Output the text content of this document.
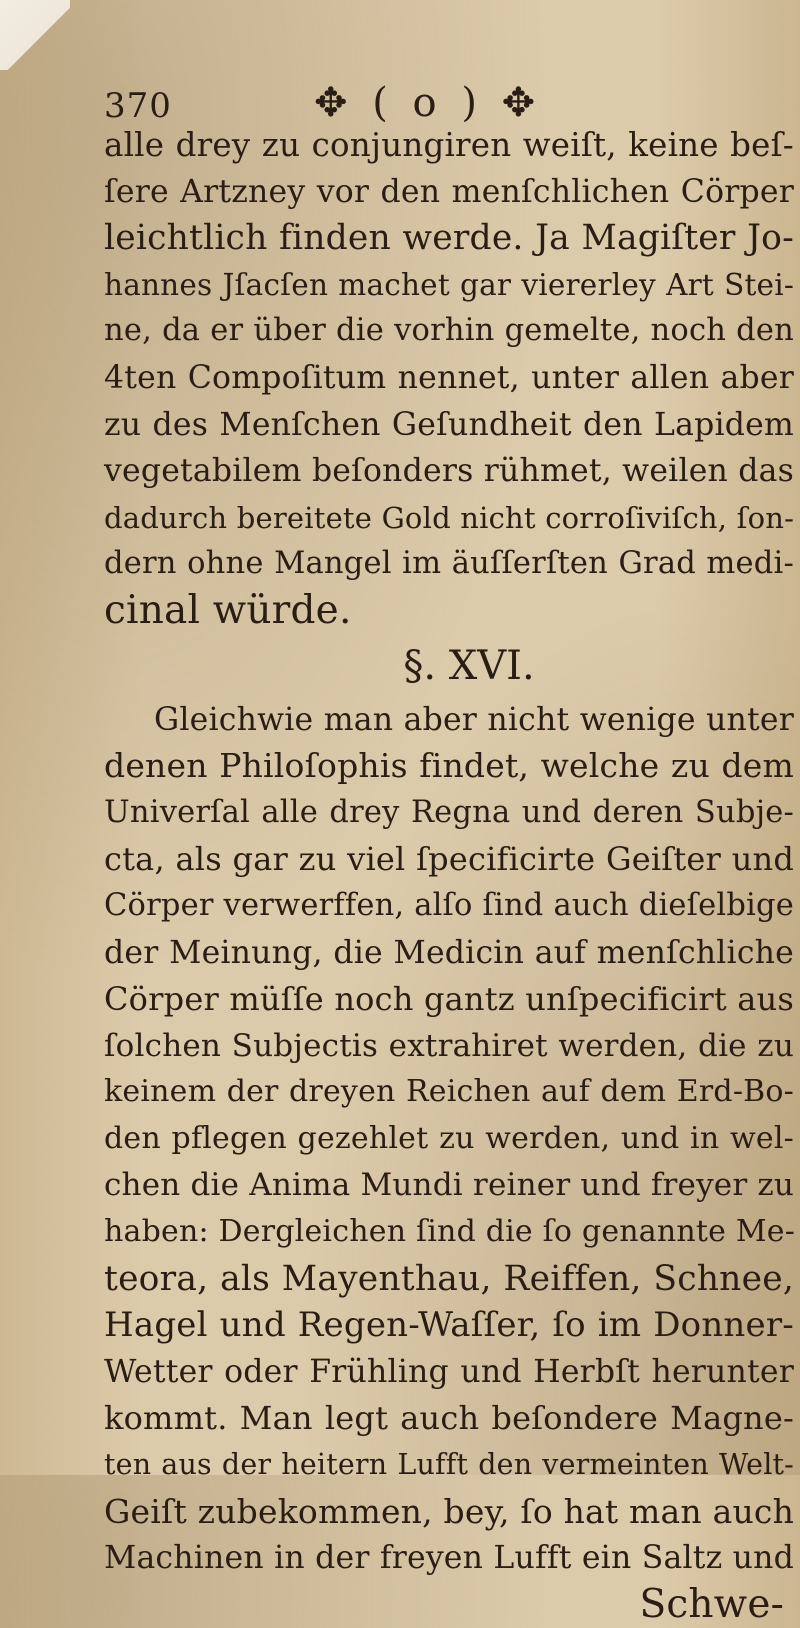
370	✥ ( o ) ✥
alle drey zu conjungiren weiſt, keine beſ-
ſere Artzney vor den menſchlichen Cörper
leichtlich finden werde. Ja Magiſter Jo-
hannes Jſacſen machet gar viererley Art Stei-
ne, da er über die vorhin gemelte, noch den
4ten Compoſitum nennet, unter allen aber
zu des Menſchen Geſundheit den Lapidem
vegetabilem beſonders rühmet, weilen das
dadurch bereitete Gold nicht corroſiviſch, ſon-
dern ohne Mangel im äuſſerſten Grad medi-
cinal würde.
§. XVI.
Gleichwie man aber nicht wenige unter
denen Philoſophis findet, welche zu dem
Univerſal alle drey Regna und deren Subje-
cta, als gar zu viel ſpecificirte Geiſter und
Cörper verwerffen, alſo ſind auch dieſelbige
der Meinung, die Medicin auf menſchliche
Cörper müſſe noch gantz unſpecificirt aus
ſolchen Subjectis extrahiret werden, die zu
keinem der dreyen Reichen auf dem Erd-Bo-
den pflegen gezehlet zu werden, und in wel-
chen die Anima Mundi reiner und freyer zu
haben: Dergleichen ſind die ſo genannte Me-
teora, als Mayenthau, Reiffen, Schnee,
Hagel und Regen-Waſſer, ſo im Donner-
Wetter oder Frühling und Herbſt herunter
kommt. Man legt auch beſondere Magne-
ten aus der heitern Lufft den vermeinten Welt-
Geiſt zubekommen, bey, ſo hat man auch
Machinen in der freyen Lufft ein Saltz und
Schwe-
